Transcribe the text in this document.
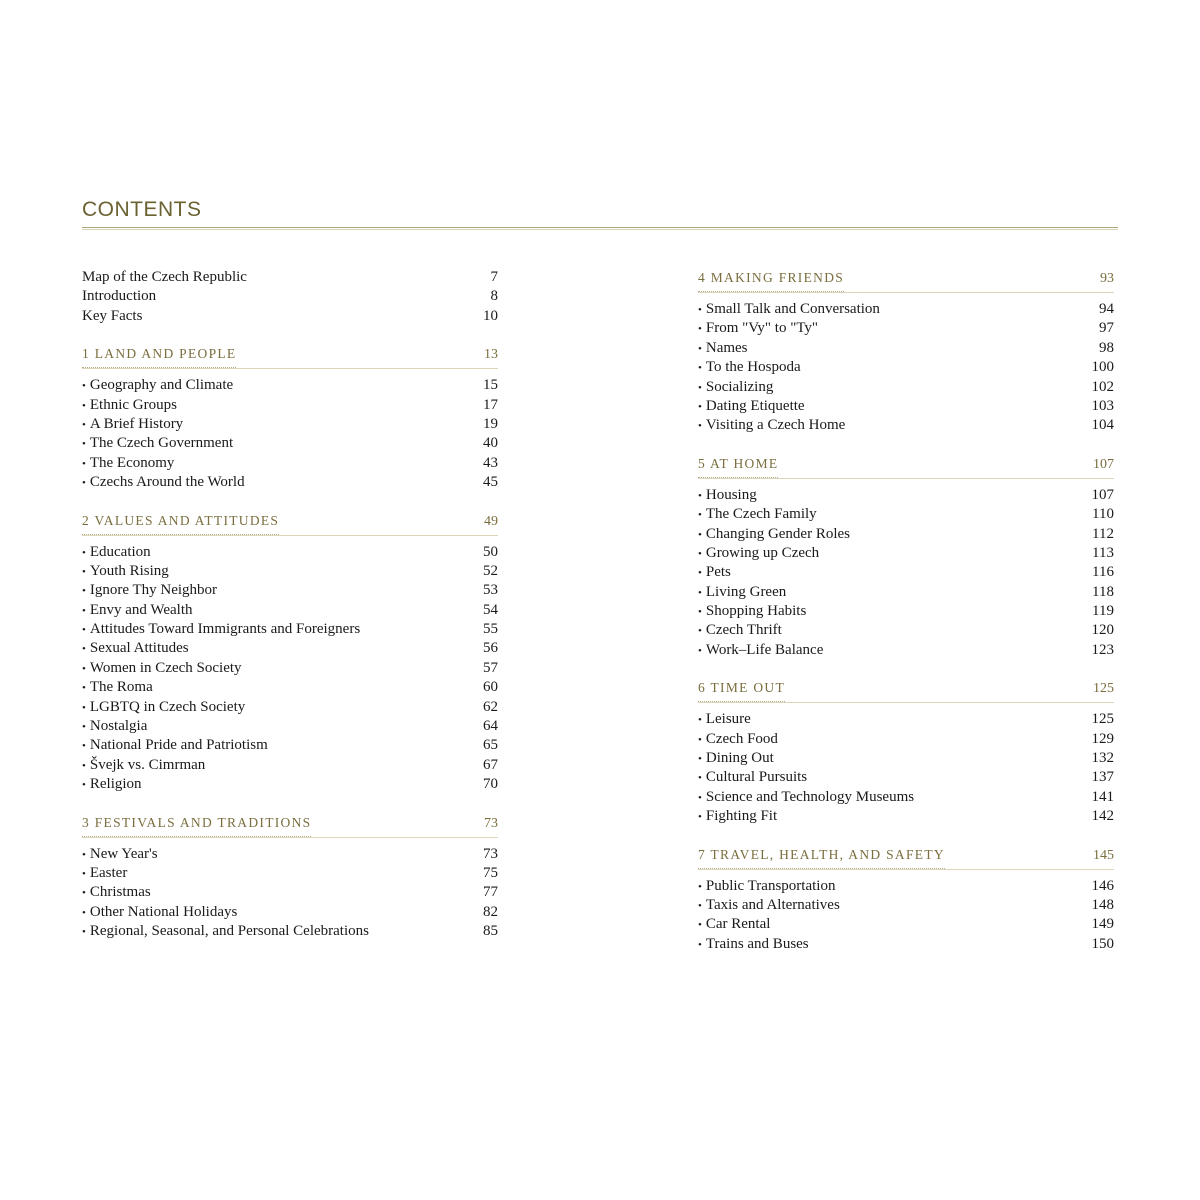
CONTENTS
Map of the Czech Republic	7
Introduction	8
Key Facts	10
1 LAND AND PEOPLE	13
• Geography and Climate	15
• Ethnic Groups	17
• A Brief History	19
• The Czech Government	40
• The Economy	43
• Czechs Around the World	45
2 VALUES AND ATTITUDES	49
• Education	50
• Youth Rising	52
• Ignore Thy Neighbor	53
• Envy and Wealth	54
• Attitudes Toward Immigrants and Foreigners	55
• Sexual Attitudes	56
• Women in Czech Society	57
• The Roma	60
• LGBTQ in Czech Society	62
• Nostalgia	64
• National Pride and Patriotism	65
• Švejk vs. Cimrman	67
• Religion	70
3 FESTIVALS AND TRADITIONS	73
• New Year's	73
• Easter	75
• Christmas	77
• Other National Holidays	82
• Regional, Seasonal, and Personal Celebrations	85
4 MAKING FRIENDS	93
• Small Talk and Conversation	94
• From "Vy" to "Ty"	97
• Names	98
• To the Hospoda	100
• Socializing	102
• Dating Etiquette	103
• Visiting a Czech Home	104
5 AT HOME	107
• Housing	107
• The Czech Family	110
• Changing Gender Roles	112
• Growing up Czech	113
• Pets	116
• Living Green	118
• Shopping Habits	119
• Czech Thrift	120
• Work–Life Balance	123
6 TIME OUT	125
• Leisure	125
• Czech Food	129
• Dining Out	132
• Cultural Pursuits	137
• Science and Technology Museums	141
• Fighting Fit	142
7 TRAVEL, HEALTH, AND SAFETY	145
• Public Transportation	146
• Taxis and Alternatives	148
• Car Rental	149
• Trains and Buses	150
